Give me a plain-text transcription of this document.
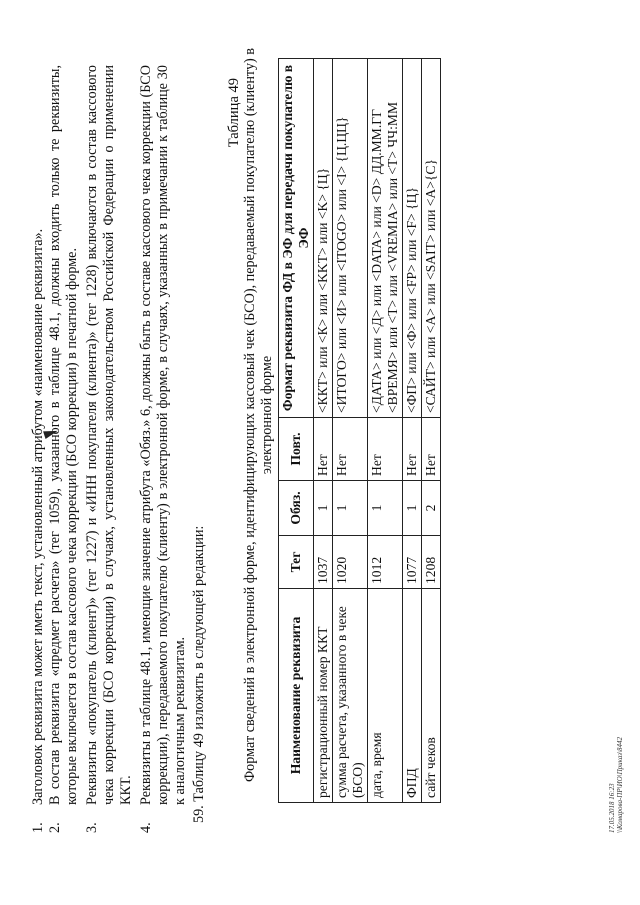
1.
Заголовок реквизита может иметь текст, установленный атрибутом «наименование реквизита».
2.
В состав реквизита «предмет расчета» (тег 1059), указанного в таблице 48.1, должны входить только те реквизиты, которые включается в состав кассового чека коррекции (БСО коррекции) в печатной форме.
3.
Реквизиты «покупатель (клиент)» (тег 1227) и «ИНН покупателя (клиента)» (тег 1228) включаются в состав кассового чека коррекции (БСО коррекции) в случаях, установленных законодательством Российской Федерации о применении ККТ.
4.
Реквизиты в таблице 48.1, имеющие значение атрибута «Обяз.» 6, должны быть в составе кассового чека коррекции (БСО коррекции), передаваемого покупателю (клиенту) в электронной форме, в случаях, указанных в примечании к таблице 30 к аналогичным реквизитам. 59. Таблицу 49 изложить в следующей редакции:
Таблица 49 Формат сведений в электронной форме, идентифицирующих кассовый чек (БСО), передаваемый покупателю (клиенту) в электронной форме
Наименование реквизита	Тег	Обяз.	Повт.	Формат реквизита ФД в ЭФ для передачи покупателю в ЭФ
регистрационный номер ККТ	1037	1	Нет	<ККТ> или <К> или <KKT> или <K> {Ц}
сумма расчета, указанного в чеке (БСО)	1020	1	Нет	<ИТОГО> или <И> или <ITOGO> или <I> {Ц.ЦЦ}
дата, время	1012	1	Нет	<ДАТА> или <Д> или <DATA> или <D> ДД.ММ.ГГ <ВРЕМЯ> или <Т> или <VREMIA> или <T> ЧЧ:ММ
ФПД	1077	1	Нет	<ФП> или <Ф> или <FP> или <F> {Ц}
сайт чеков	1208	2	Нет	<САЙТ> или <А> или <SAIT> или <A>{С}
17.05.2018 16:23 \\Комарова-ПР\ИО\Приказ\8442
